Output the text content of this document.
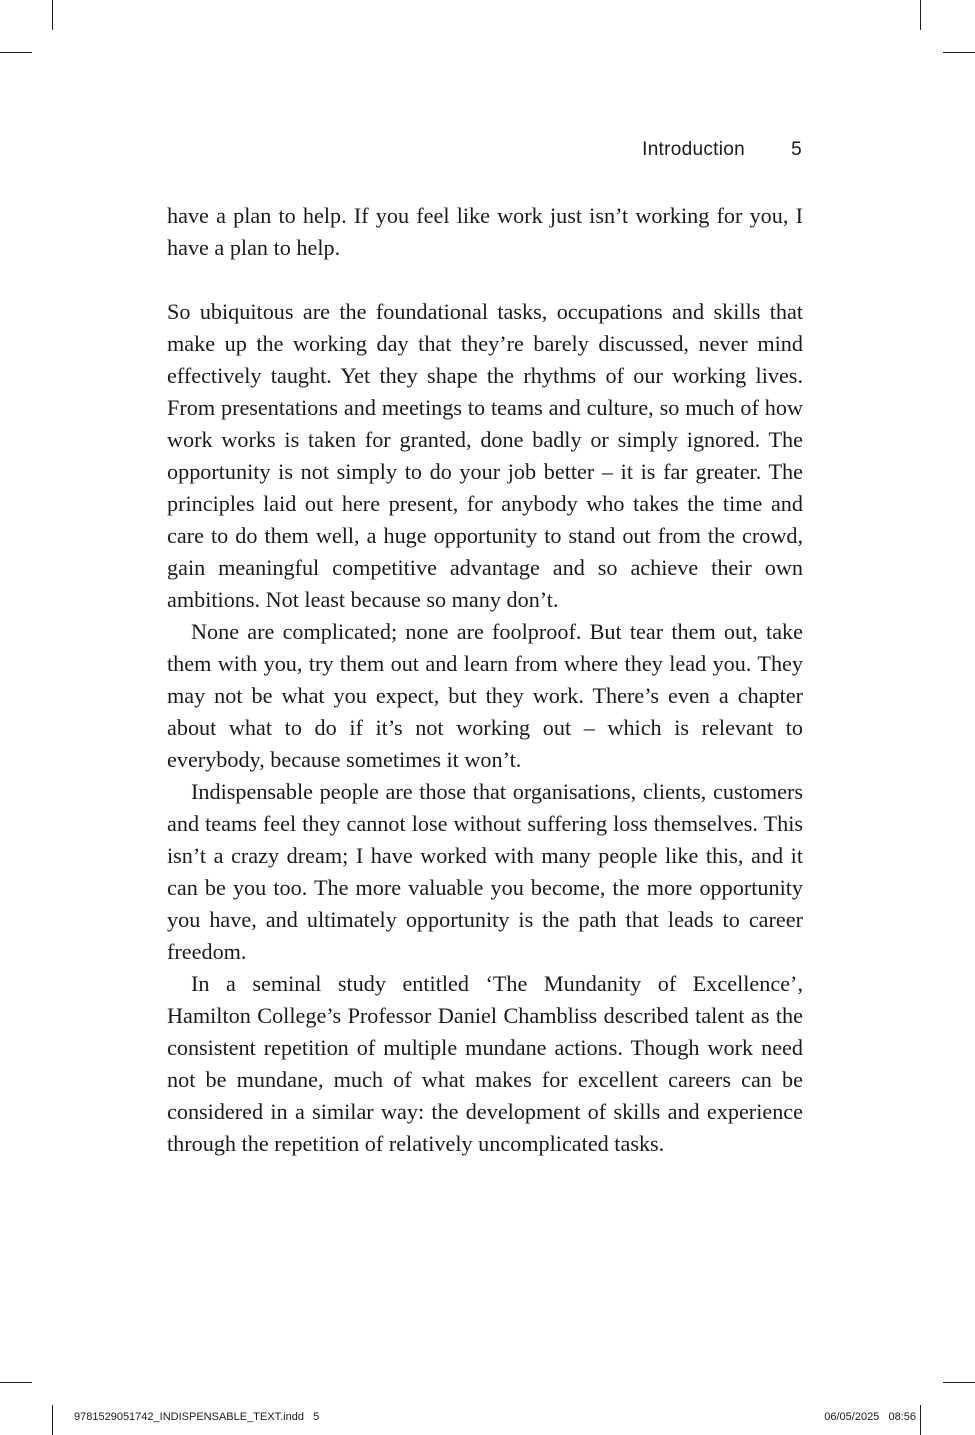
Introduction 5

have a plan to help. If you feel like work just isn’t working for you, I have a plan to help.

So ubiquitous are the foundational tasks, occupations and skills that make up the working day that they’re barely discussed, never mind effectively taught. Yet they shape the rhythms of our working lives. From presentations and meetings to teams and culture, so much of how work works is taken for granted, done badly or simply ignored. The opportunity is not simply to do your job better – it is far greater. The principles laid out here present, for anybody who takes the time and care to do them well, a huge opportunity to stand out from the crowd, gain meaningful competitive advantage and so achieve their own ambitions. Not least because so many don’t.

None are complicated; none are foolproof. But tear them out, take them with you, try them out and learn from where they lead you. They may not be what you expect, but they work. There’s even a chapter about what to do if it’s not working out – which is relevant to everybody, because sometimes it won’t.

Indispensable people are those that organisations, clients, customers and teams feel they cannot lose without suffering loss themselves. This isn’t a crazy dream; I have worked with many people like this, and it can be you too. The more valuable you become, the more opportunity you have, and ultimately opportunity is the path that leads to career freedom.

In a seminal study entitled ‘The Mundanity of Excellence’, Hamilton College’s Professor Daniel Chambliss described talent as the consistent repetition of multiple mundane actions. Though work need not be mundane, much of what makes for excellent careers can be considered in a similar way: the development of skills and experience through the repetition of relatively uncomplicated tasks.

9781529051742_INDISPENSABLE_TEXT.indd   5	06/05/2025   08:56
